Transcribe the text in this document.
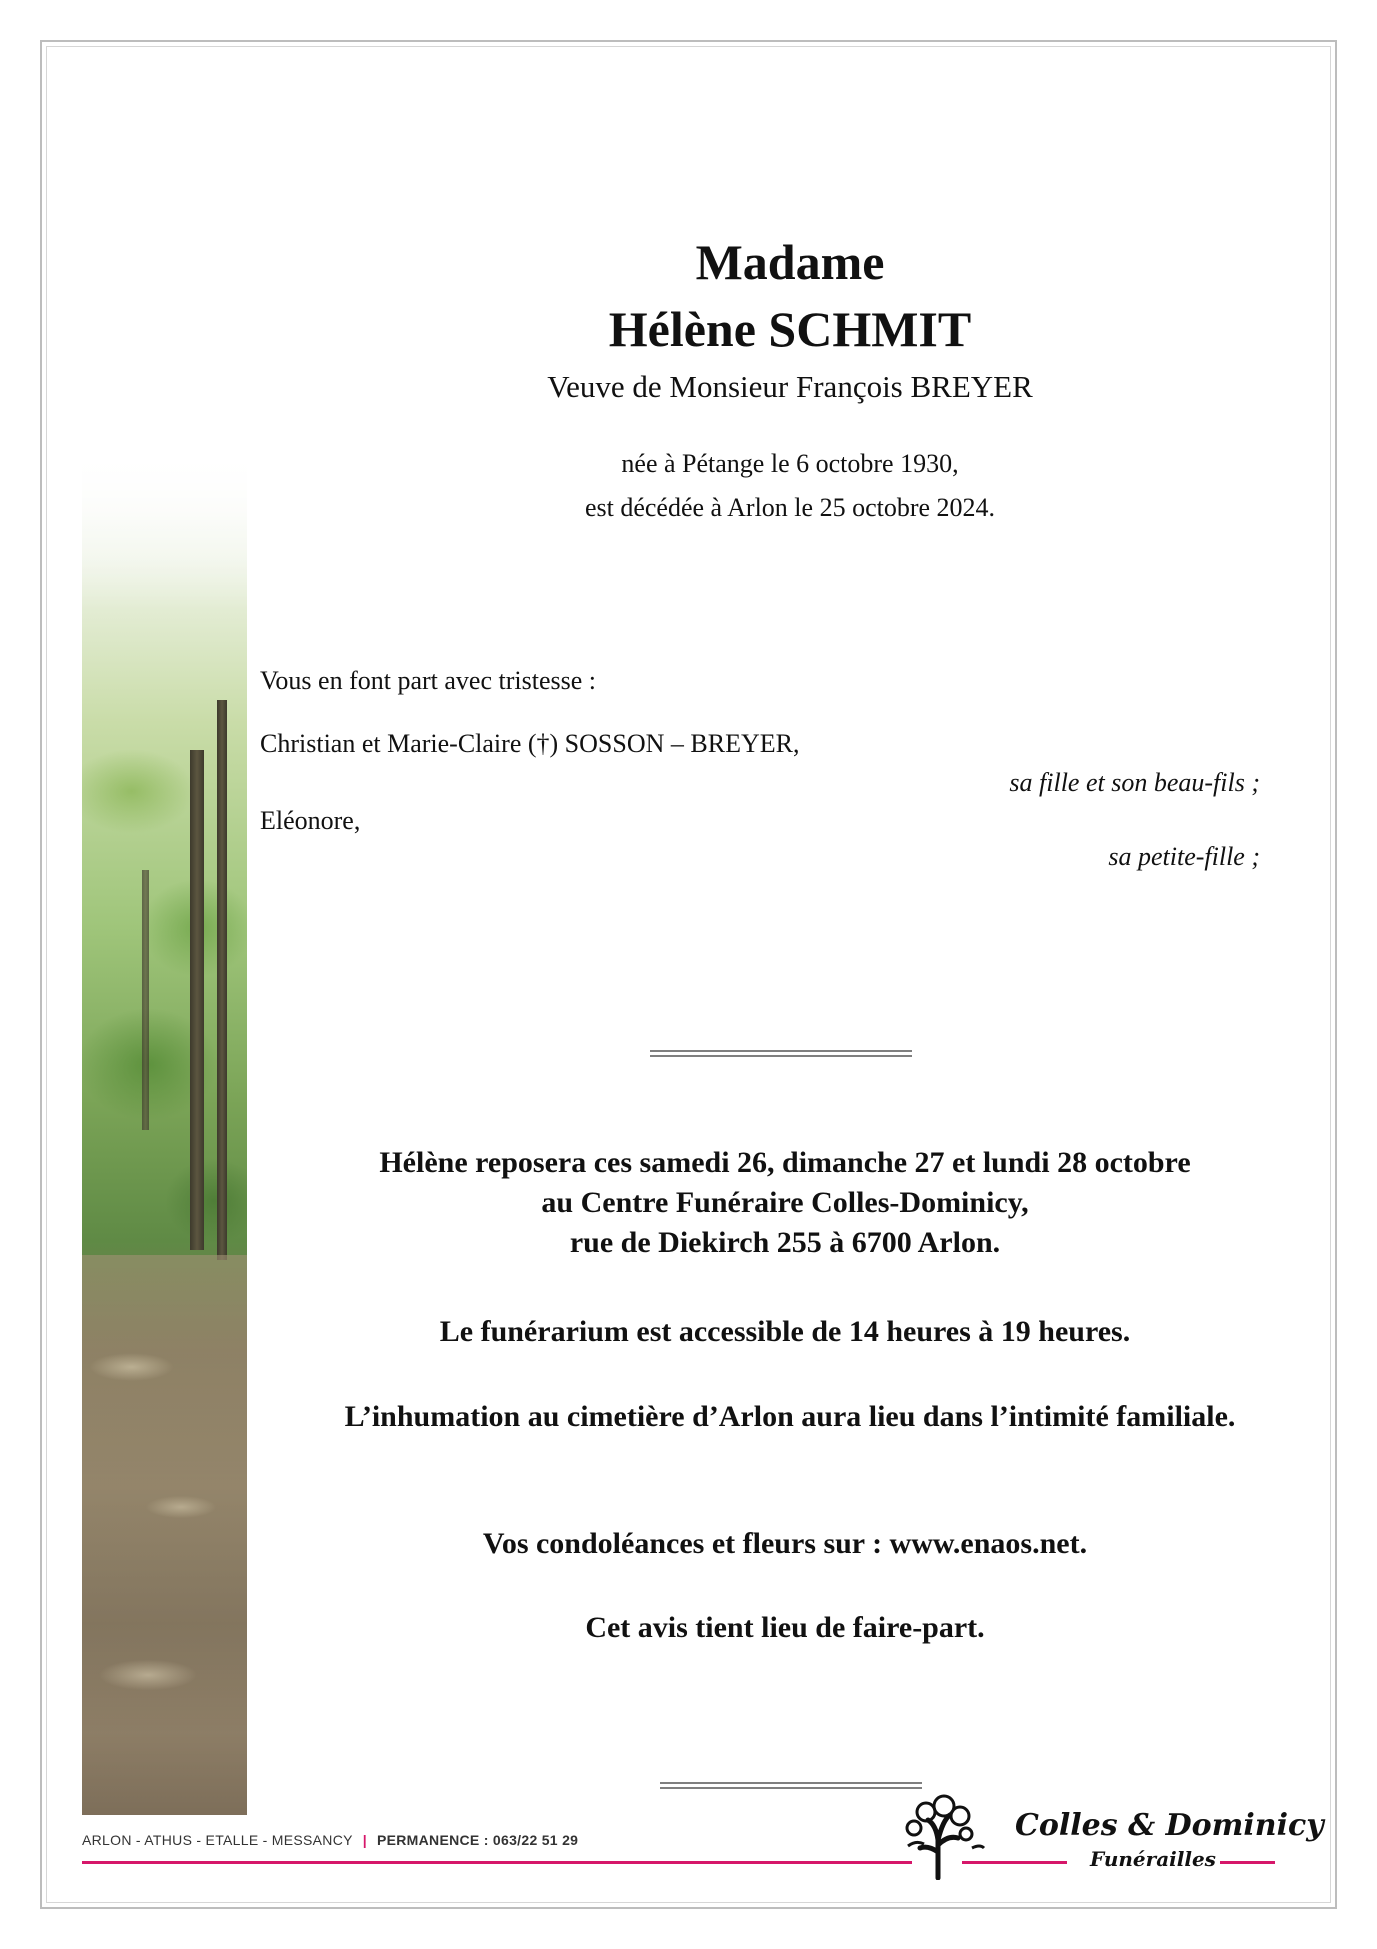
Madame
Hélène SCHMIT
Veuve de Monsieur François BREYER
née à Pétange le 6 octobre 1930,
est décédée à Arlon le 25 octobre 2024.
Vous en font part avec tristesse :
Christian et Marie-Claire (†) SOSSON – BREYER,
sa fille et son beau-fils ;
Eléonore,
sa petite-fille ;

Hélène reposera ces samedi 26, dimanche 27 et lundi 28 octobre

au Centre Funéraire Colles-Dominicy,

rue de Diekirch 255 à 6700 Arlon.

Le funérarium est accessible de 14 heures à 19 heures.
L’inhumation au cimetière d’Arlon aura lieu dans l’intimité familiale.
Vos condoléances et fleurs sur : www.enaos.net.
Cet avis tient lieu de faire-part.
ARLON - ATHUS - ETALLE - MESSANCY | PERMANENCE : 063/22 51 29	Colles & Dominicy
Funérailles
